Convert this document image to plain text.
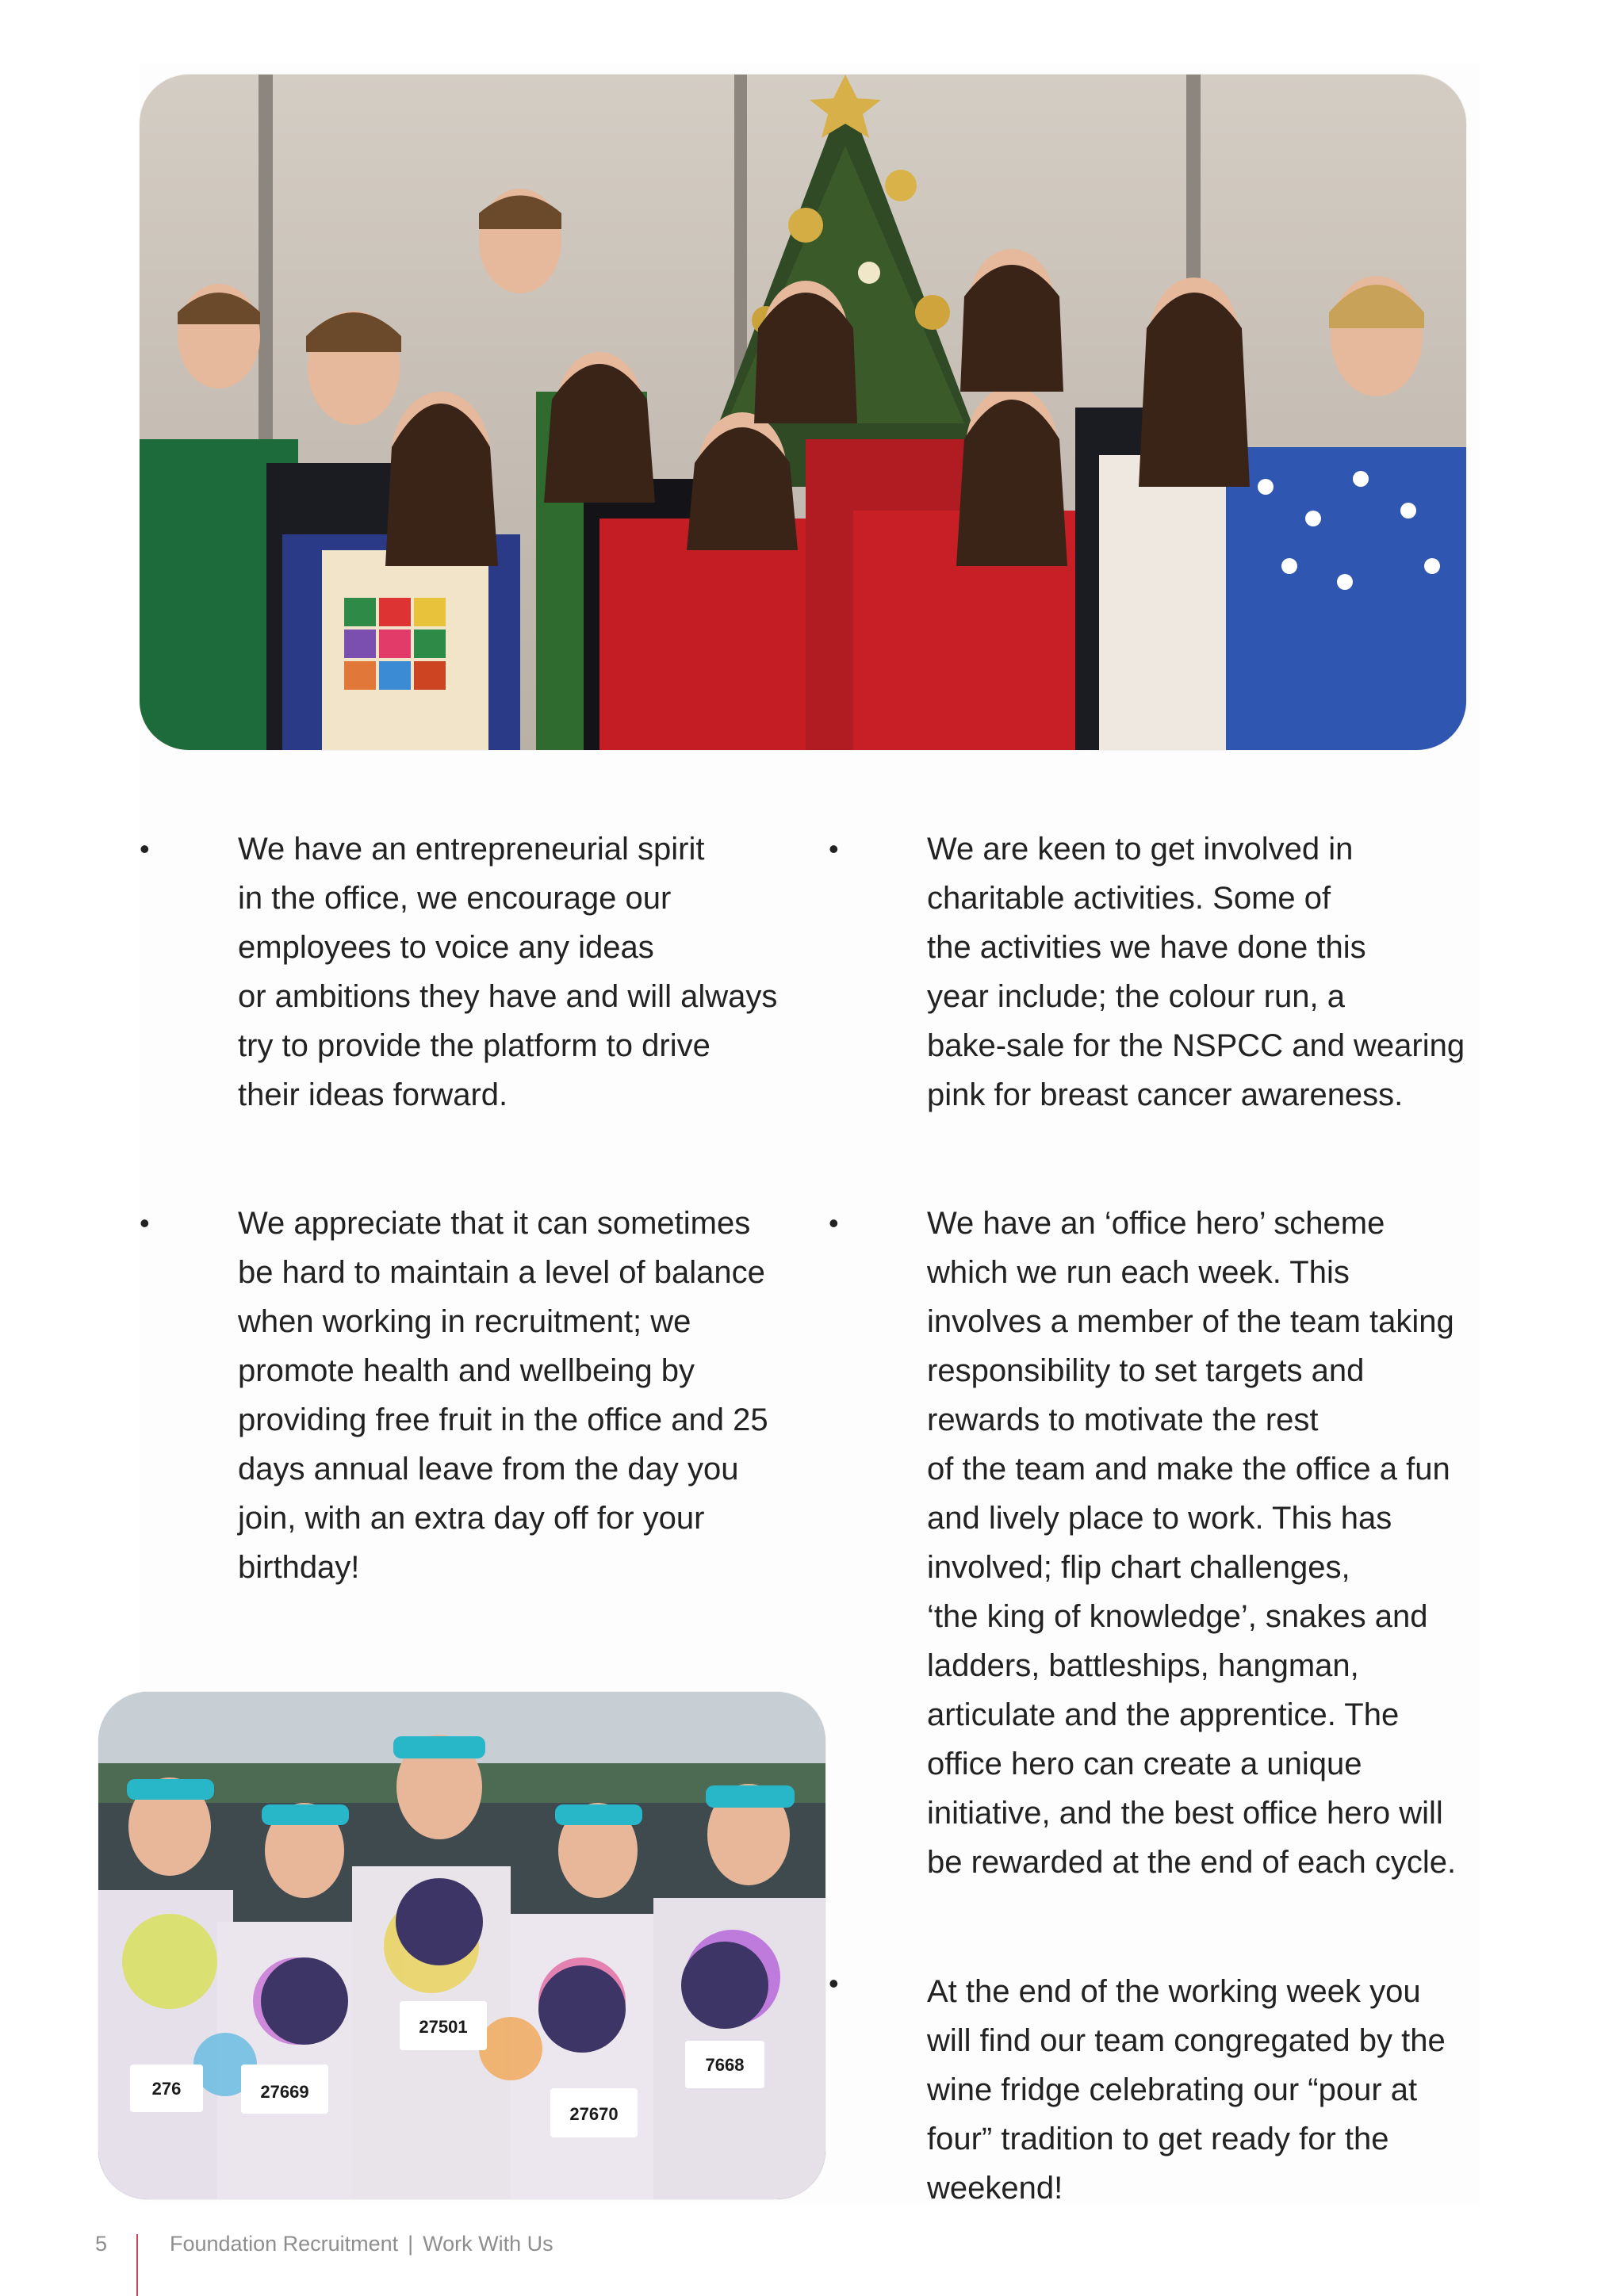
27669
27501
27670
276
7668
•	We have an entrepreneurial spirit
in the office, we encourage our
employees to voice any ideas
or ambitions they have and will always
try to provide the platform to drive
their ideas forward.
•	We appreciate that it can sometimes
be hard to maintain a level of balance
when working in recruitment; we
promote health and wellbeing by
providing free fruit in the office and 25
days annual leave from the day you
join, with an extra day off for your
birthday!
•	We are keen to get involved in
charitable activities. Some of
the activities we have done this
year include; the colour run, a
bake-sale for the NSPCC and wearing
pink for breast cancer awareness.
•	We have an ‘office hero’ scheme
which we run each week. This
involves a member of the team taking
responsibility to set targets and
rewards to motivate the rest
of the team and make the office a fun
and lively place to work. This has
involved; flip chart challenges,
‘the king of knowledge’, snakes and
ladders, battleships, hangman,
articulate and the apprentice. The
office hero can create a unique
initiative, and the best office hero will
be rewarded at the end of each cycle.
•	At the end of the working week you
will find our team congregated by the
wine fridge celebrating our “pour at
four” tradition to get ready for the
weekend!
5	Foundation Recruitment | Work With Us
